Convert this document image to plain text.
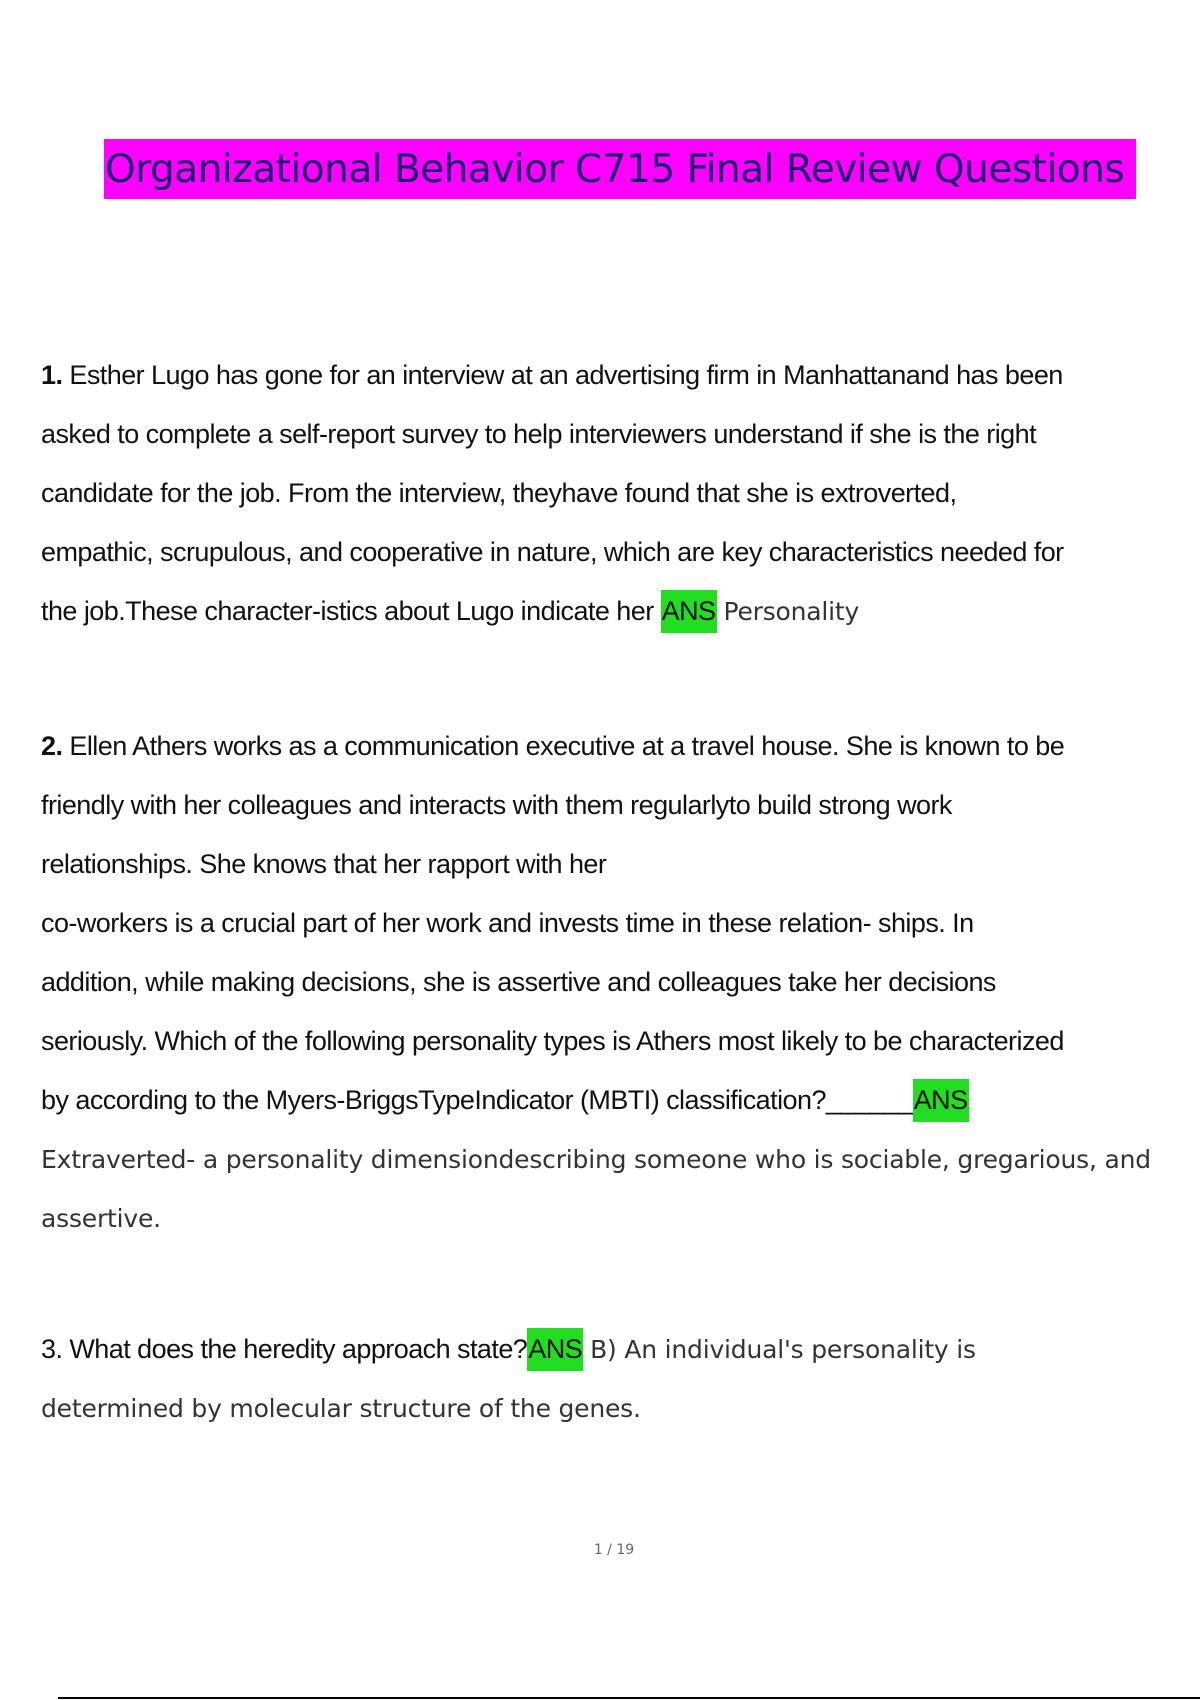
Organizational Behavior C715 Final Review Questions
1. Esther Lugo has gone for an interview at an advertising firm in Manhattanand has been
asked to complete a self-report survey to help interviewers understand if she is the right
candidate for the job. From the interview, theyhave found that she is extroverted,
empathic, scrupulous, and cooperative in nature, which are key characteristics needed for
the job.These character-istics about Lugo indicate her ANS Personality
2. Ellen Athers works as a communication executive at a travel house. She is known to be
friendly with her colleagues and interacts with them regularlyto build strong work
relationships. She knows that her rapport with her
co-workers is a crucial part of her work and invests time in these relation- ships. In
addition, while making decisions, she is assertive and colleagues take her decisions
seriously. Which of the following personality types is Athers most likely to be characterized
by according to the Myers-BriggsTypeIndicator (MBTI) classification?______ANS
Extraverted- a personality dimensiondescribing someone who is sociable, gregarious, and
assertive.
3. What does the heredity approach state?ANS B) An individual's personality is
determined by molecular structure of the genes.
1 / 19
